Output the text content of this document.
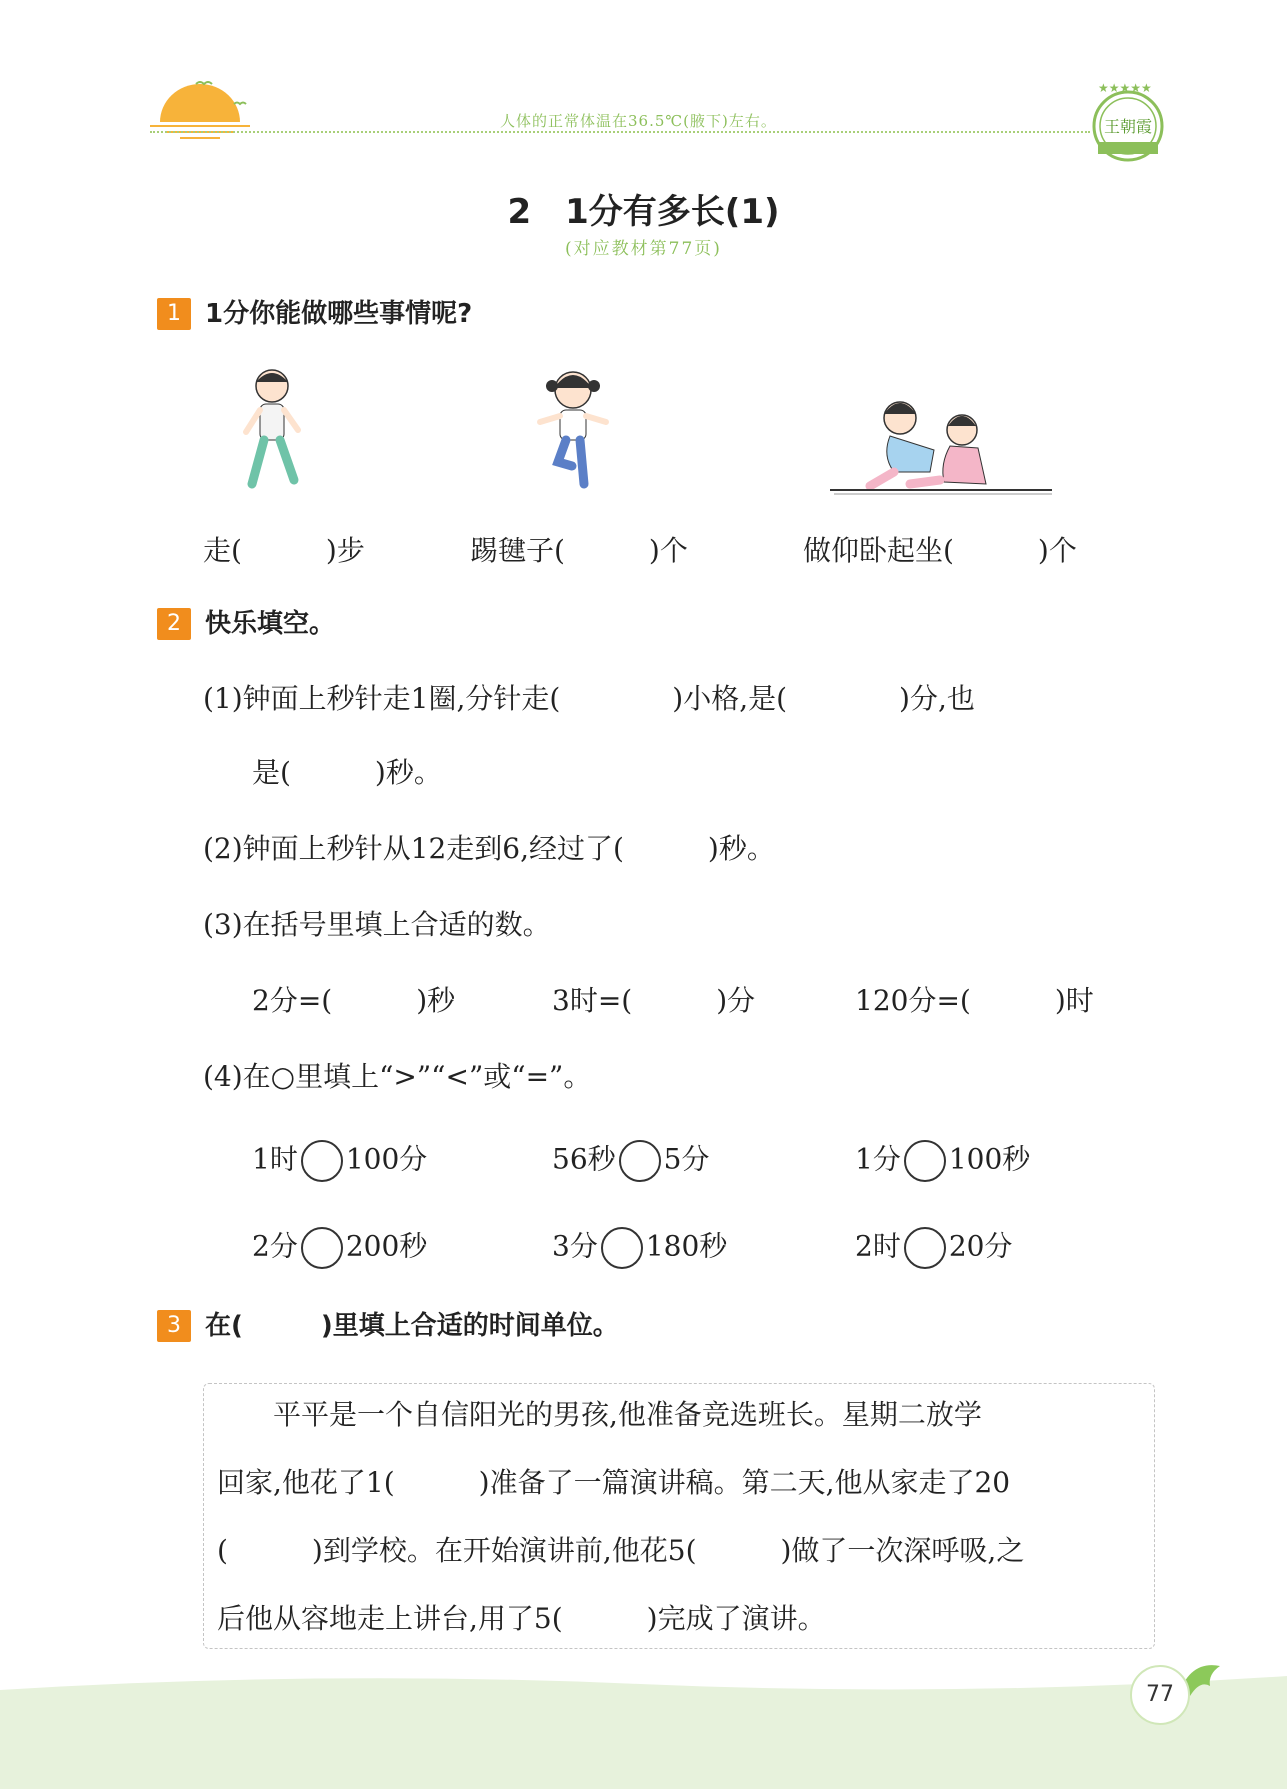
人体的正常体温在36.5℃(腋下)左右。
★★★★★
王朝霞
2　1分有多长(1)
(对应教材第77页)
1 1分你能做哪些事情呢?
走(　　　)步	踢毽子(　　　)个	做仰卧起坐(　　　)个
2 快乐填空。
(1)钟面上秒针走1圈,分针走(　　　　)小格,是(　　　　)分,也
是(　　　)秒。
(2)钟面上秒针从12走到6,经过了(　　　)秒。
(3)在括号里填上合适的数。
2分=(　　　)秒	3时=(　　　)分	120分=(　　　)时
(4)在○里填上“>”“<”或“=”。
1时 100分	56秒 5分	1分 100秒
2分 200秒	3分 180秒	2时 20分
3 在(　　　)里填上合适的时间单位。
　　平平是一个自信阳光的男孩,他准备竞选班长。星期二放学
回家,他花了1(　　　)准备了一篇演讲稿。第二天,他从家走了20
(　　　)到学校。在开始演讲前,他花5(　　　)做了一次深呼吸,之
后他从容地走上讲台,用了5(　　　)完成了演讲。
77
